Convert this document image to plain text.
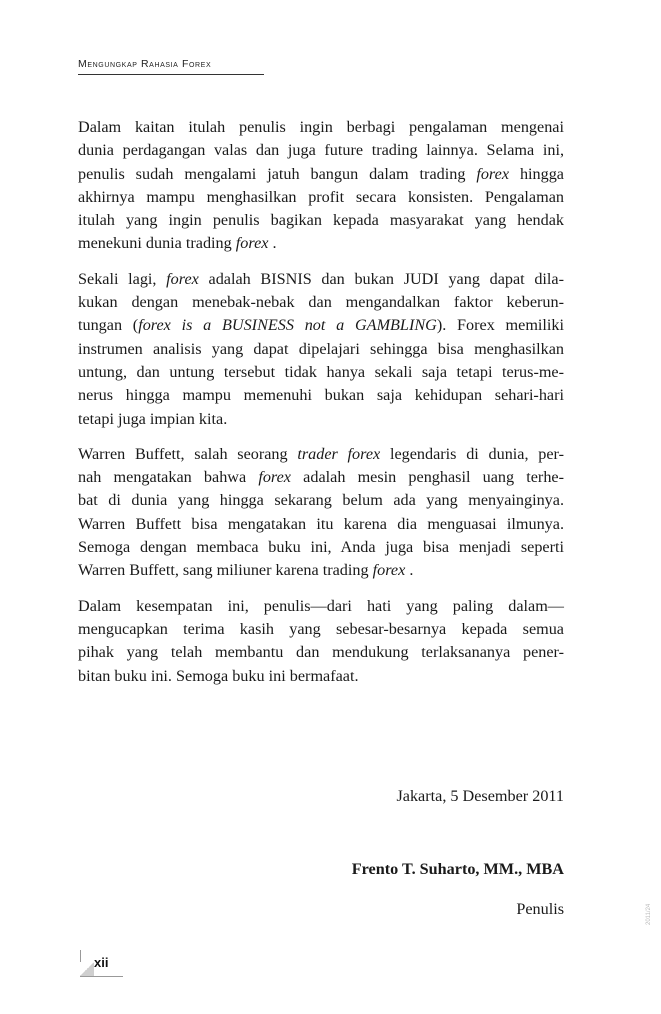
Mengungkap Rahasia Forex

Dalam kaitan itulah penulis ingin berbagi pengalaman mengenai
dunia perdagangan valas dan juga future trading lainnya. Selama ini,
penulis sudah mengalami jatuh bangun dalam trading forex hingga
akhirnya mampu menghasilkan profit secara konsisten. Pengalaman
itulah yang ingin penulis bagikan kepada masyarakat yang hendak
menekuni dunia trading forex .

Sekali lagi, forex adalah BISNIS dan bukan JUDI yang dapat dila-
kukan dengan menebak-nebak dan mengandalkan faktor keberun-
tungan (forex is a BUSINESS not a GAMBLING). Forex memiliki
instrumen analisis yang dapat dipelajari sehingga bisa menghasilkan
untung, dan untung tersebut tidak hanya sekali saja tetapi terus-me-
nerus hingga mampu memenuhi bukan saja kehidupan sehari-hari
tetapi juga impian kita.

Warren Buffett, salah seorang trader forex legendaris di dunia, per-
nah mengatakan bahwa forex adalah mesin penghasil uang terhe-
bat di dunia yang hingga sekarang belum ada yang menyainginya.
Warren Buffett bisa mengatakan itu karena dia menguasai ilmunya.
Semoga dengan membaca buku ini, Anda juga bisa menjadi seperti
Warren Buffett, sang miliuner karena trading forex .

Dalam kesempatan ini, penulis—dari hati yang paling dalam—
mengucapkan terima kasih yang sebesar-besarnya kepada semua
pihak yang telah membantu dan mendukung terlaksananya pener-
bitan buku ini. Semoga buku ini bermafaat.

Jakarta, 5 Desember 2011
Frento T. Suharto, MM., MBA
Penulis
xii
2011/24
